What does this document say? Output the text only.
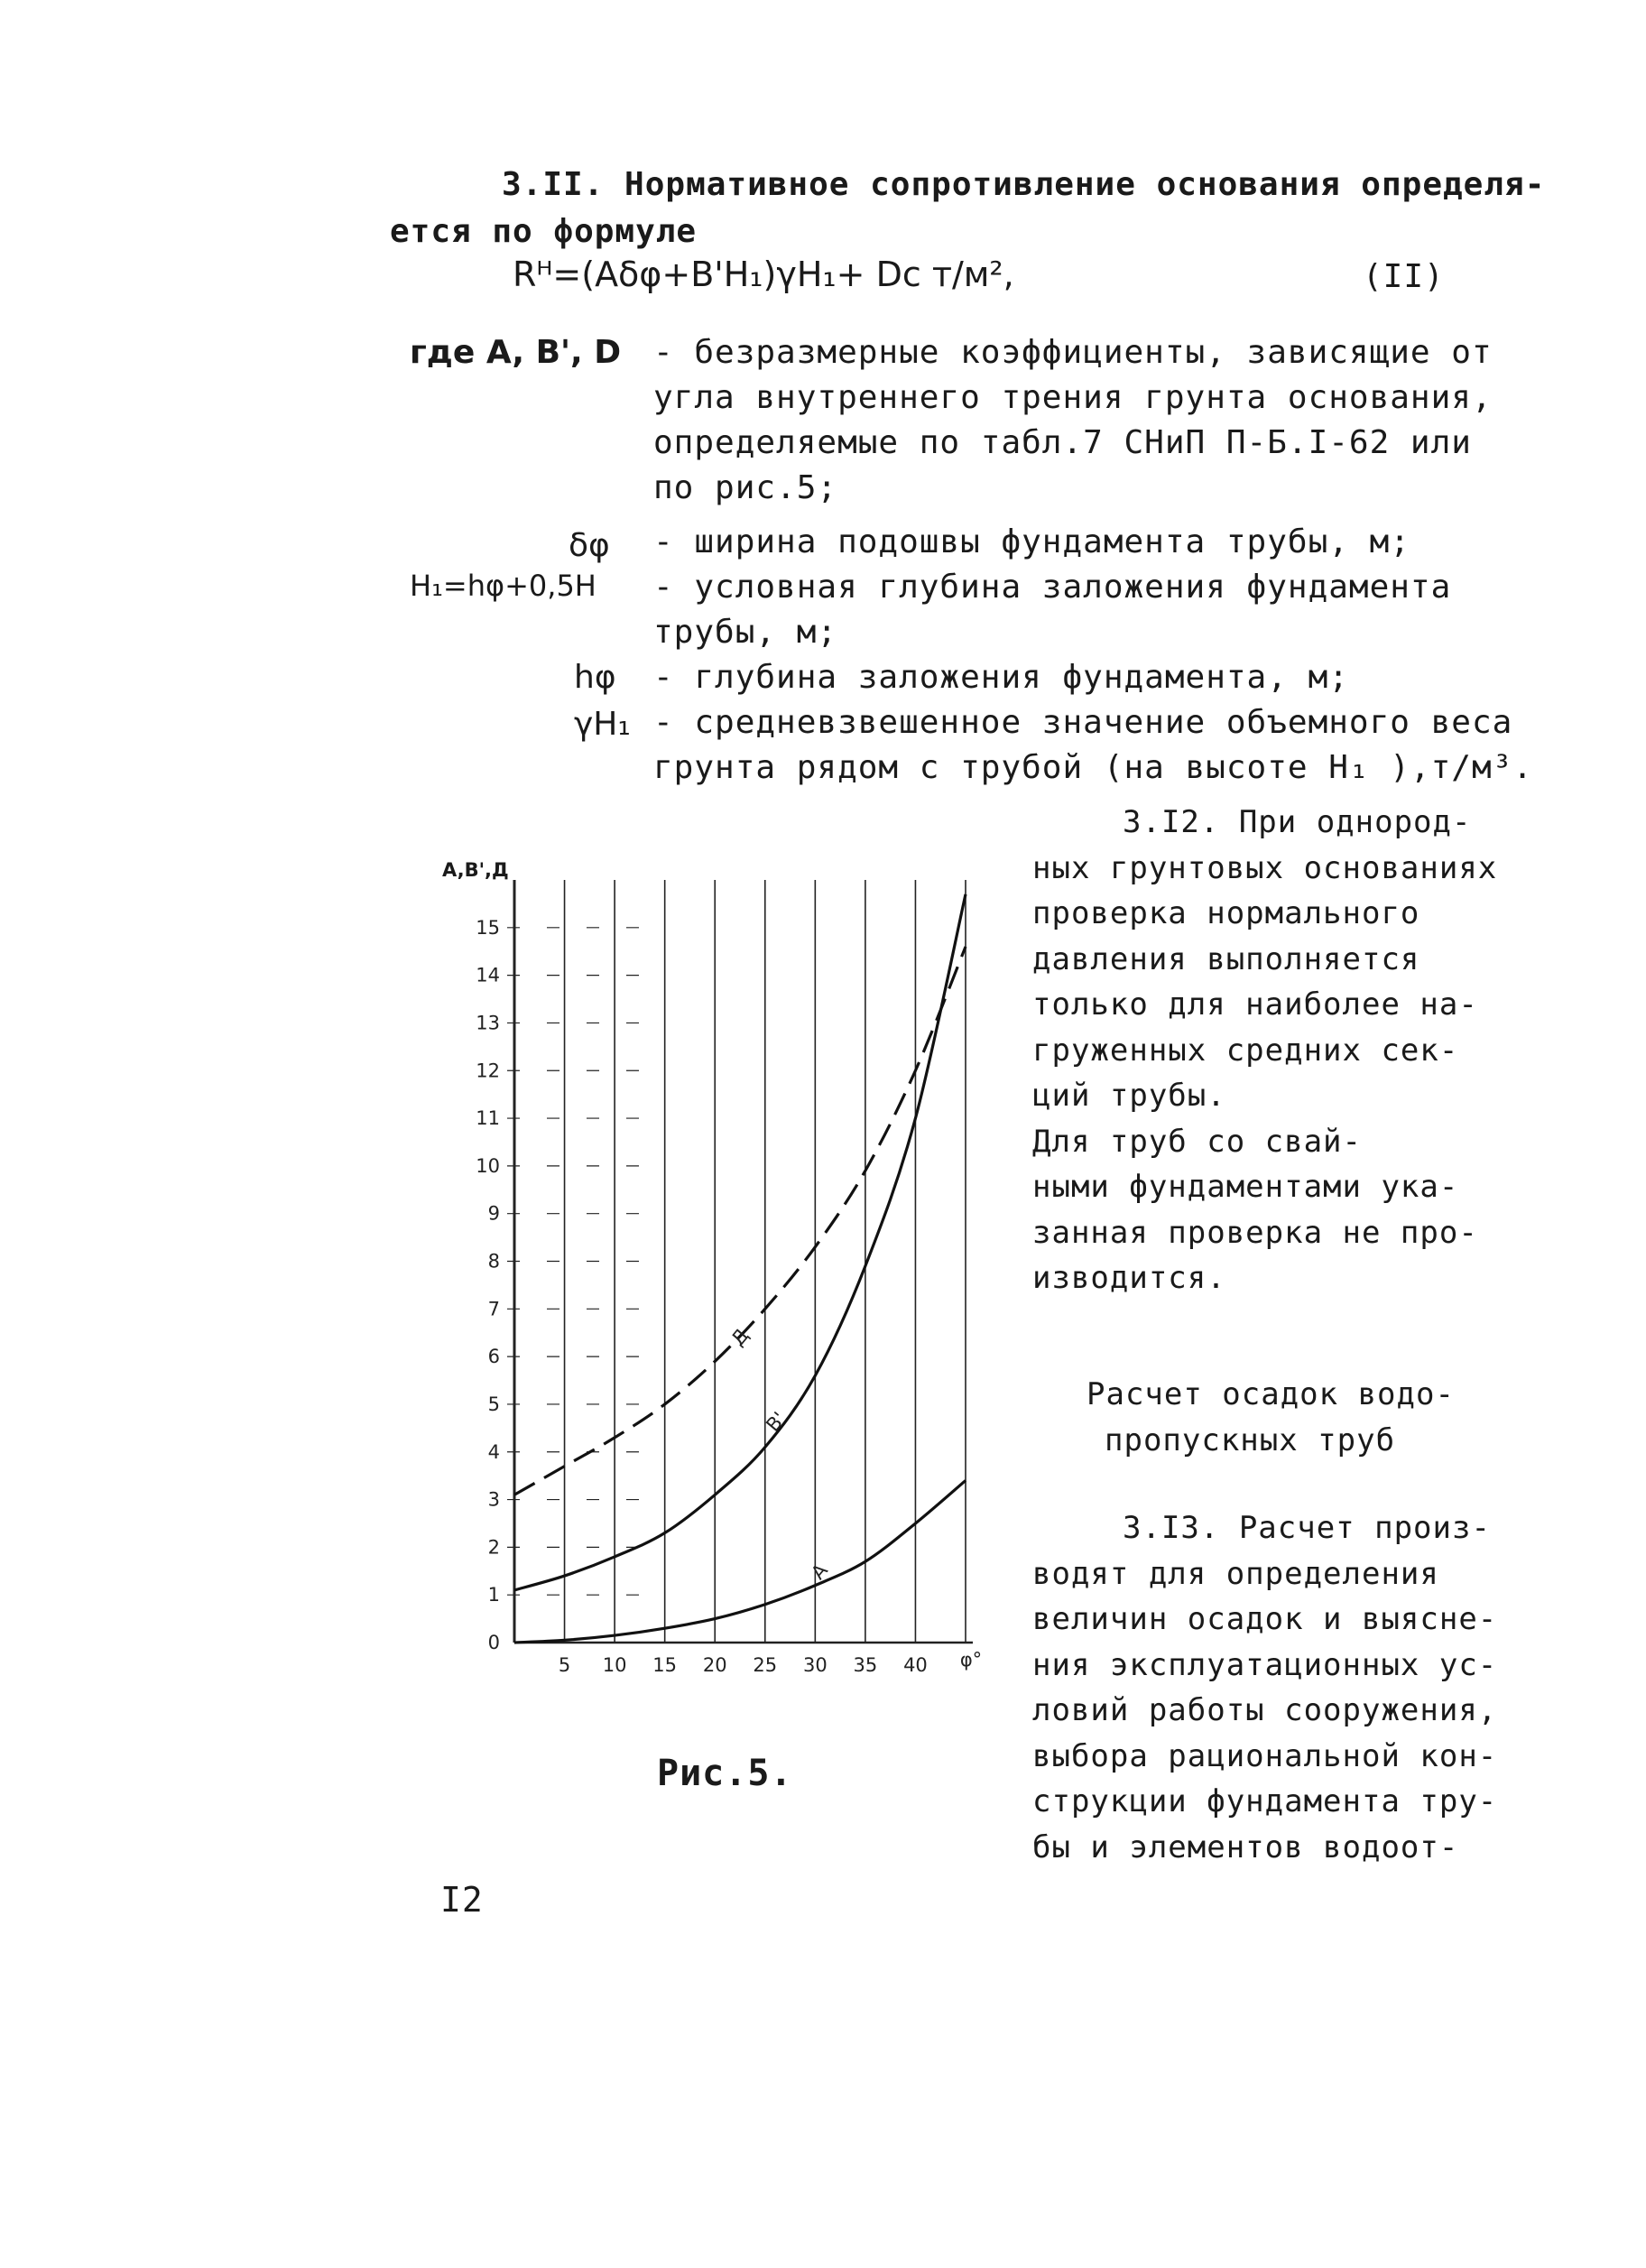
3.II. Нормативное сопротивление основания определя-
ется по формуле
Rᴴ=(Aδφ+B'H₁)γH₁+ Dc т/м²,	(II)
где A, B', D - безразмерные коэффициенты, зависящие от
угла внутреннего трения грунта основания,
определяемые по табл.7 СНиП П-Б.I-62 или
по рис.5;
δφ - ширина подошвы фундамента трубы, м;
H₁=hφ+0,5H - условная глубина заложения фундамента
трубы, м;
hφ - глубина заложения фундамента, м;
γH₁ - средневзвешенное значение объемного веса
грунта рядом с трубой (на высоте H₁ ),т/м³.
3.I2. При однород-
ных грунтовых основаниях
проверка нормального
давления выполняется
только для наиболее на-
груженных средних сек-
ций трубы.
Для труб со свай-
ными фундаментами ука-
занная проверка не про-
изводится.
Расчет осадок водо-
пропускных труб
3.I3. Расчет произ-
водят для определения
величин осадок и выясне-
ния эксплуатационных ус-
ловий работы сооружения,
выбора рациональной кон-
струкции фундамента тру-
бы и элементов водоот-
Д
B'
A
0
1
2
3
4
5
6
7
8
9
10
11
12
13
14
15
5 10 15 20 25 30 35 40 φ°
A,B',Д
Рис.5.
I2
